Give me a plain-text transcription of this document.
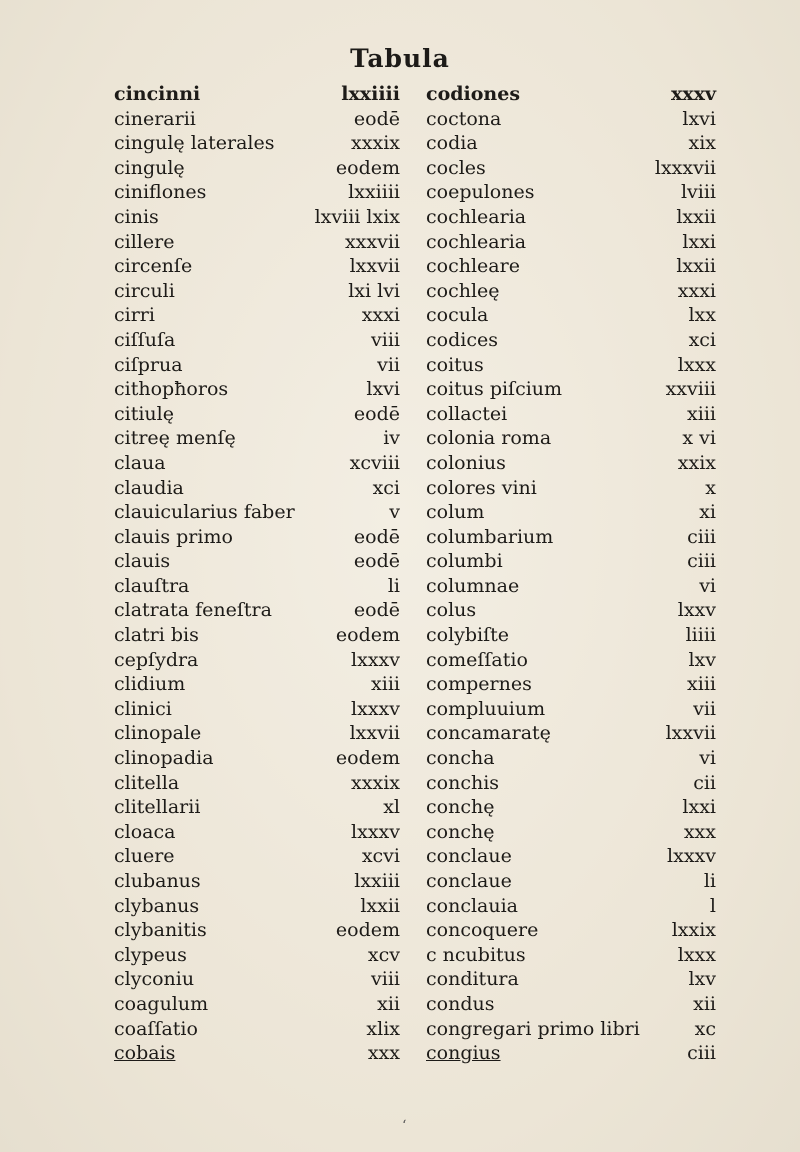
Tabula
cincinni	lxxiiii
cinerarii	eodē
cingulę laterales	xxxix
cingulę	eodem
ciniflones	lxxiiii
cinis	lxviii lxix
cillere	xxxvii
circenſe	lxxvii
circuli	lxi lvi
cirri	xxxi
ciſſuſa	viii
ciſprua	vii
cithopħoros	lxvi
citiulę	eodē
citreę menſę	iv
claua	xcviii
claudia	xci
clauicularius faber	v
clauis primo	eodē
clauis	eodē
clauſtra	li
clatrata feneſtra	eodē
clatri bis	eodem
cepſydra	lxxxv
clidium	xiii
clinici	lxxxv
clinopale	lxxvii
clinopadia	eodem
clitella	xxxix
clitellarii	xl
cloaca	lxxxv
cluere	xcvi
clubanus	lxxiii
clybanus	lxxii
clybanitis	eodem
clypeus	xcv
clyconiu	viii
coagulum	xii
coaſſatio	xlix
cobais	xxx
codiones	xxxv
coctona	lxvi
codia	xix
cocles	lxxxvii
coepulones	lviii
cochlearia	lxxii
cochlearia	lxxi
cochleare	lxxii
cochleę	xxxi
cocula	lxx
codices	xci
coitus	lxxx
coitus piſcium	xxviii
collactei	xiii
colonia roma	x vi
colonius	xxix
colores vini	x
colum	xi
columbarium	ciii
columbi	ciii
columnae	vi
colus	lxxv
colybiſte	liiii
comeſſatio	lxv
compernes	xiii
compluuium	vii
concamaratę	lxxvii
concha	vi
conchis	cii
conchę	lxxi
conchę	xxx
conclaue	lxxxv
conclaue	li
conclauia	l
concoquere	lxxix
c ncubitus	lxxx
conditura	lxv
condus	xii
congregari primo libri	xc
congius	ciii
ʻ
